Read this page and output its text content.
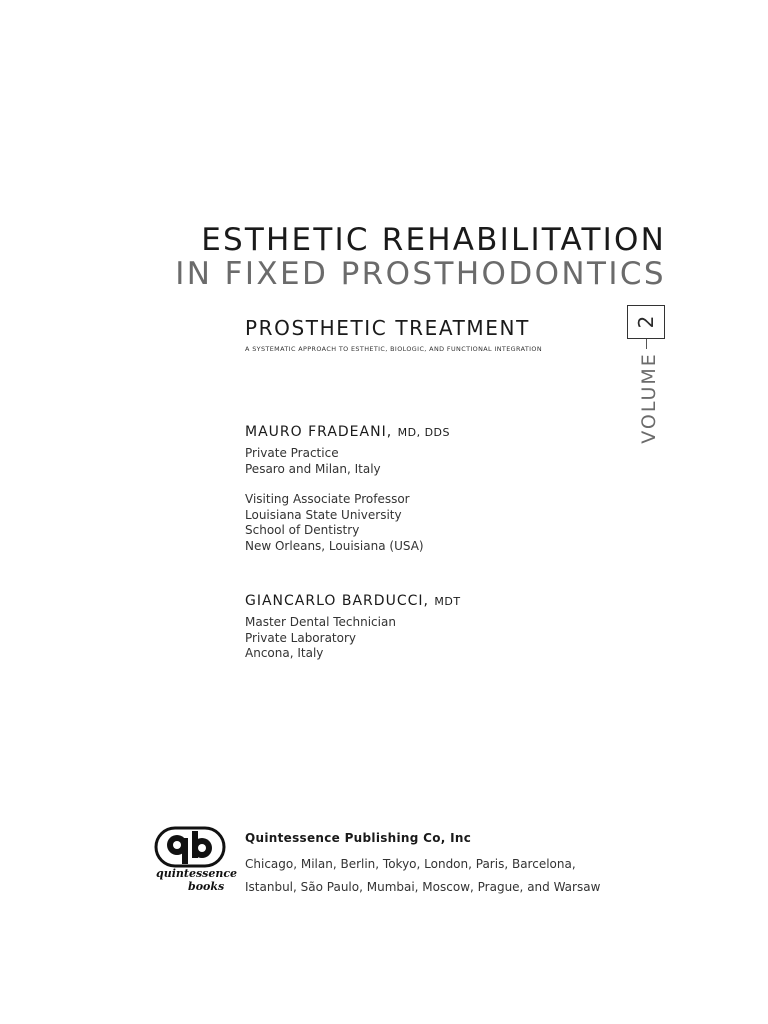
ESTHETIC REHABILITATION
IN FIXED PROSTHODONTICS
PROSTHETIC TREATMENT
A SYSTEMATIC APPROACH TO ESTHETIC, BIOLOGIC, AND FUNCTIONAL INTEGRATION
2
VOLUME
MAURO FRADEANI, MD, DDS
Private Practice
Pesaro and Milan, Italy
Visiting Associate Professor
Louisiana State University
School of Dentistry
New Orleans, Louisiana (USA)
GIANCARLO BARDUCCI, MDT
Master Dental Technician
Private Laboratory
Ancona, Italy
quintessence
books
Quintessence Publishing Co, Inc
Chicago, Milan, Berlin, Tokyo, London, Paris, Barcelona,
Istanbul, São Paulo, Mumbai, Moscow, Prague, and Warsaw
